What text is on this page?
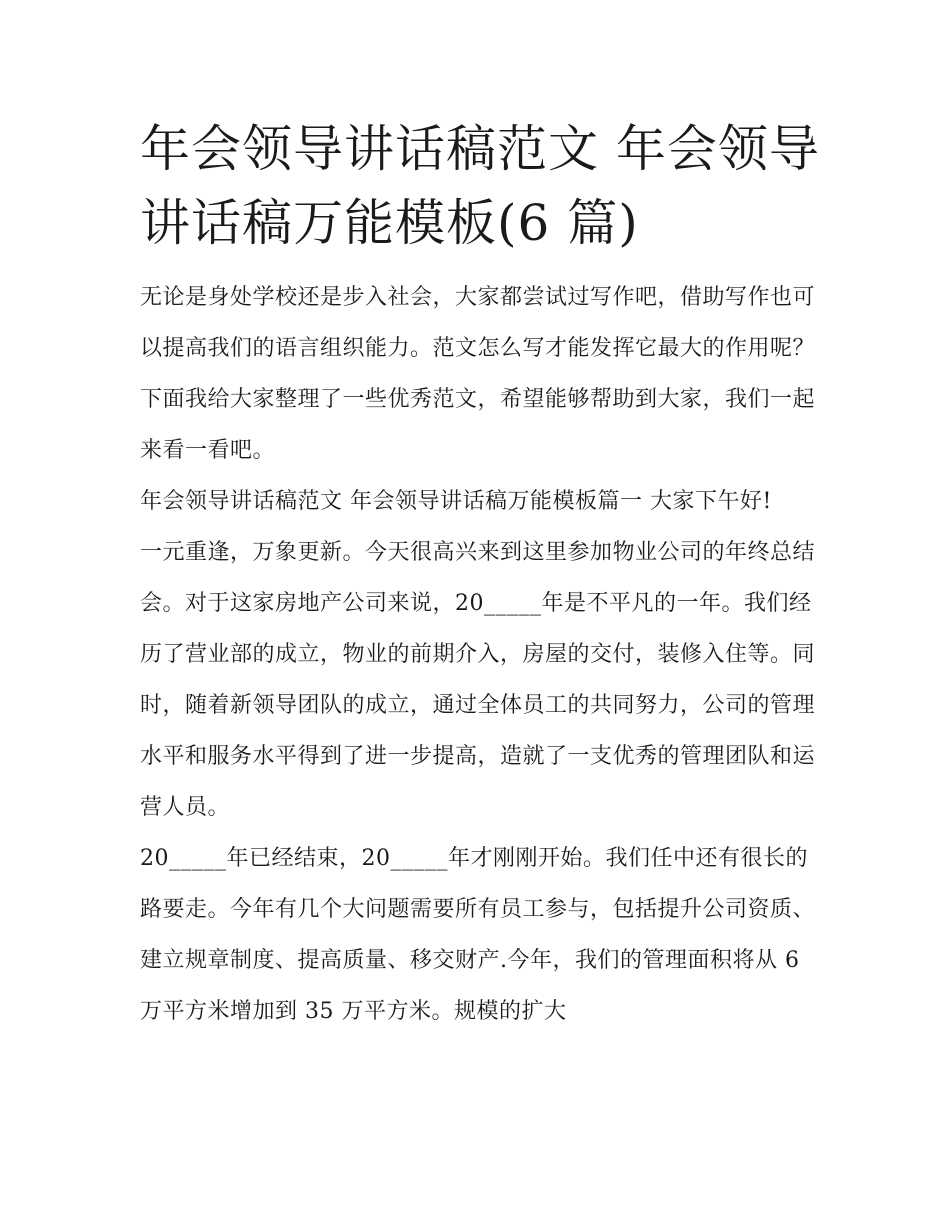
年会领导讲话稿范文 年会领导讲话稿万能模板(6 篇)

无论是身处学校还是步入社会，大家都尝试过写作吧，借助写作也可以提高我们的语言组织能力。范文怎么写才能发挥它最大的作用呢？下面我给大家整理了一些优秀范文，希望能够帮助到大家，我们一起来看一看吧。

年会领导讲话稿范文 年会领导讲话稿万能模板篇一 大家下午好!

一元重逢，万象更新。今天很高兴来到这里参加物业公司的年终总结会。对于这家房地产公司来说，20_____年是不平凡的一年。我们经历了营业部的成立，物业的前期介入，房屋的交付，装修入住等。同时，随着新领导团队的成立，通过全体员工的共同努力，公司的管理水平和服务水平得到了进一步提高，造就了一支优秀的管理团队和运营人员。

20_____年已经结束，20_____年才刚刚开始。我们任中还有很长的路要走。今年有几个大问题需要所有员工参与，包括提升公司资质、建立规章制度、提高质量、移交财产.今年，我们的管理面积将从 6 万平方米增加到 35 万平方米。规模的扩大
